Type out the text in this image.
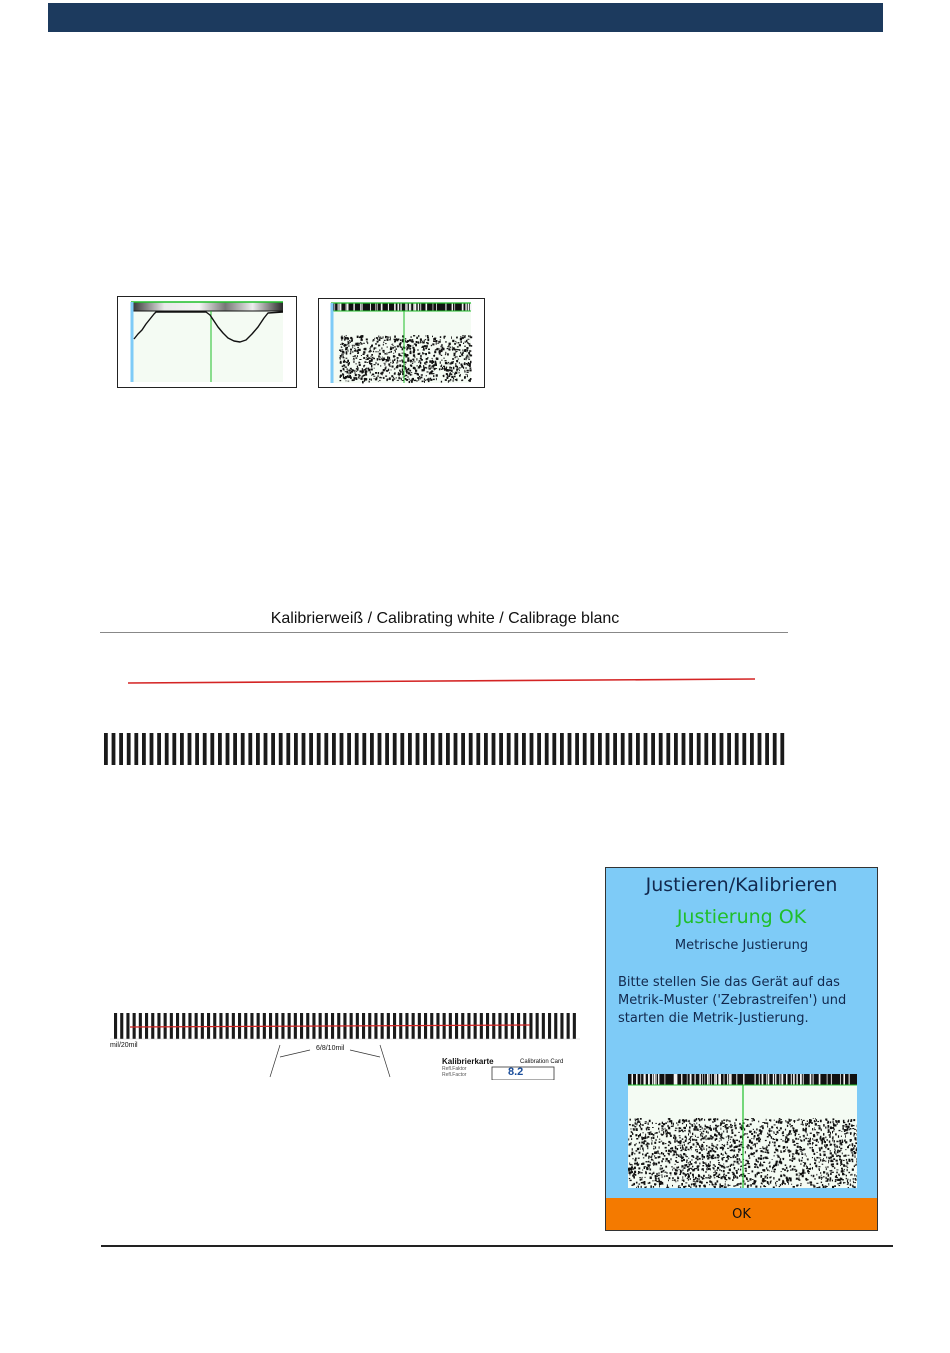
Kalibrierweiß / Calibrating white / Calibrage blanc
mil/20mil	6/8/10mil
Kalibrierkarte	Calibration Card
Refl.Faktor
Refl.Factor	8.2
Justieren/Kalibrieren
Justierung OK
Metrische Justierung
Bitte stellen Sie das Gerät auf das Metrik-Muster ('Zebrastreifen') und starten die Metrik-Justierung.
OK
